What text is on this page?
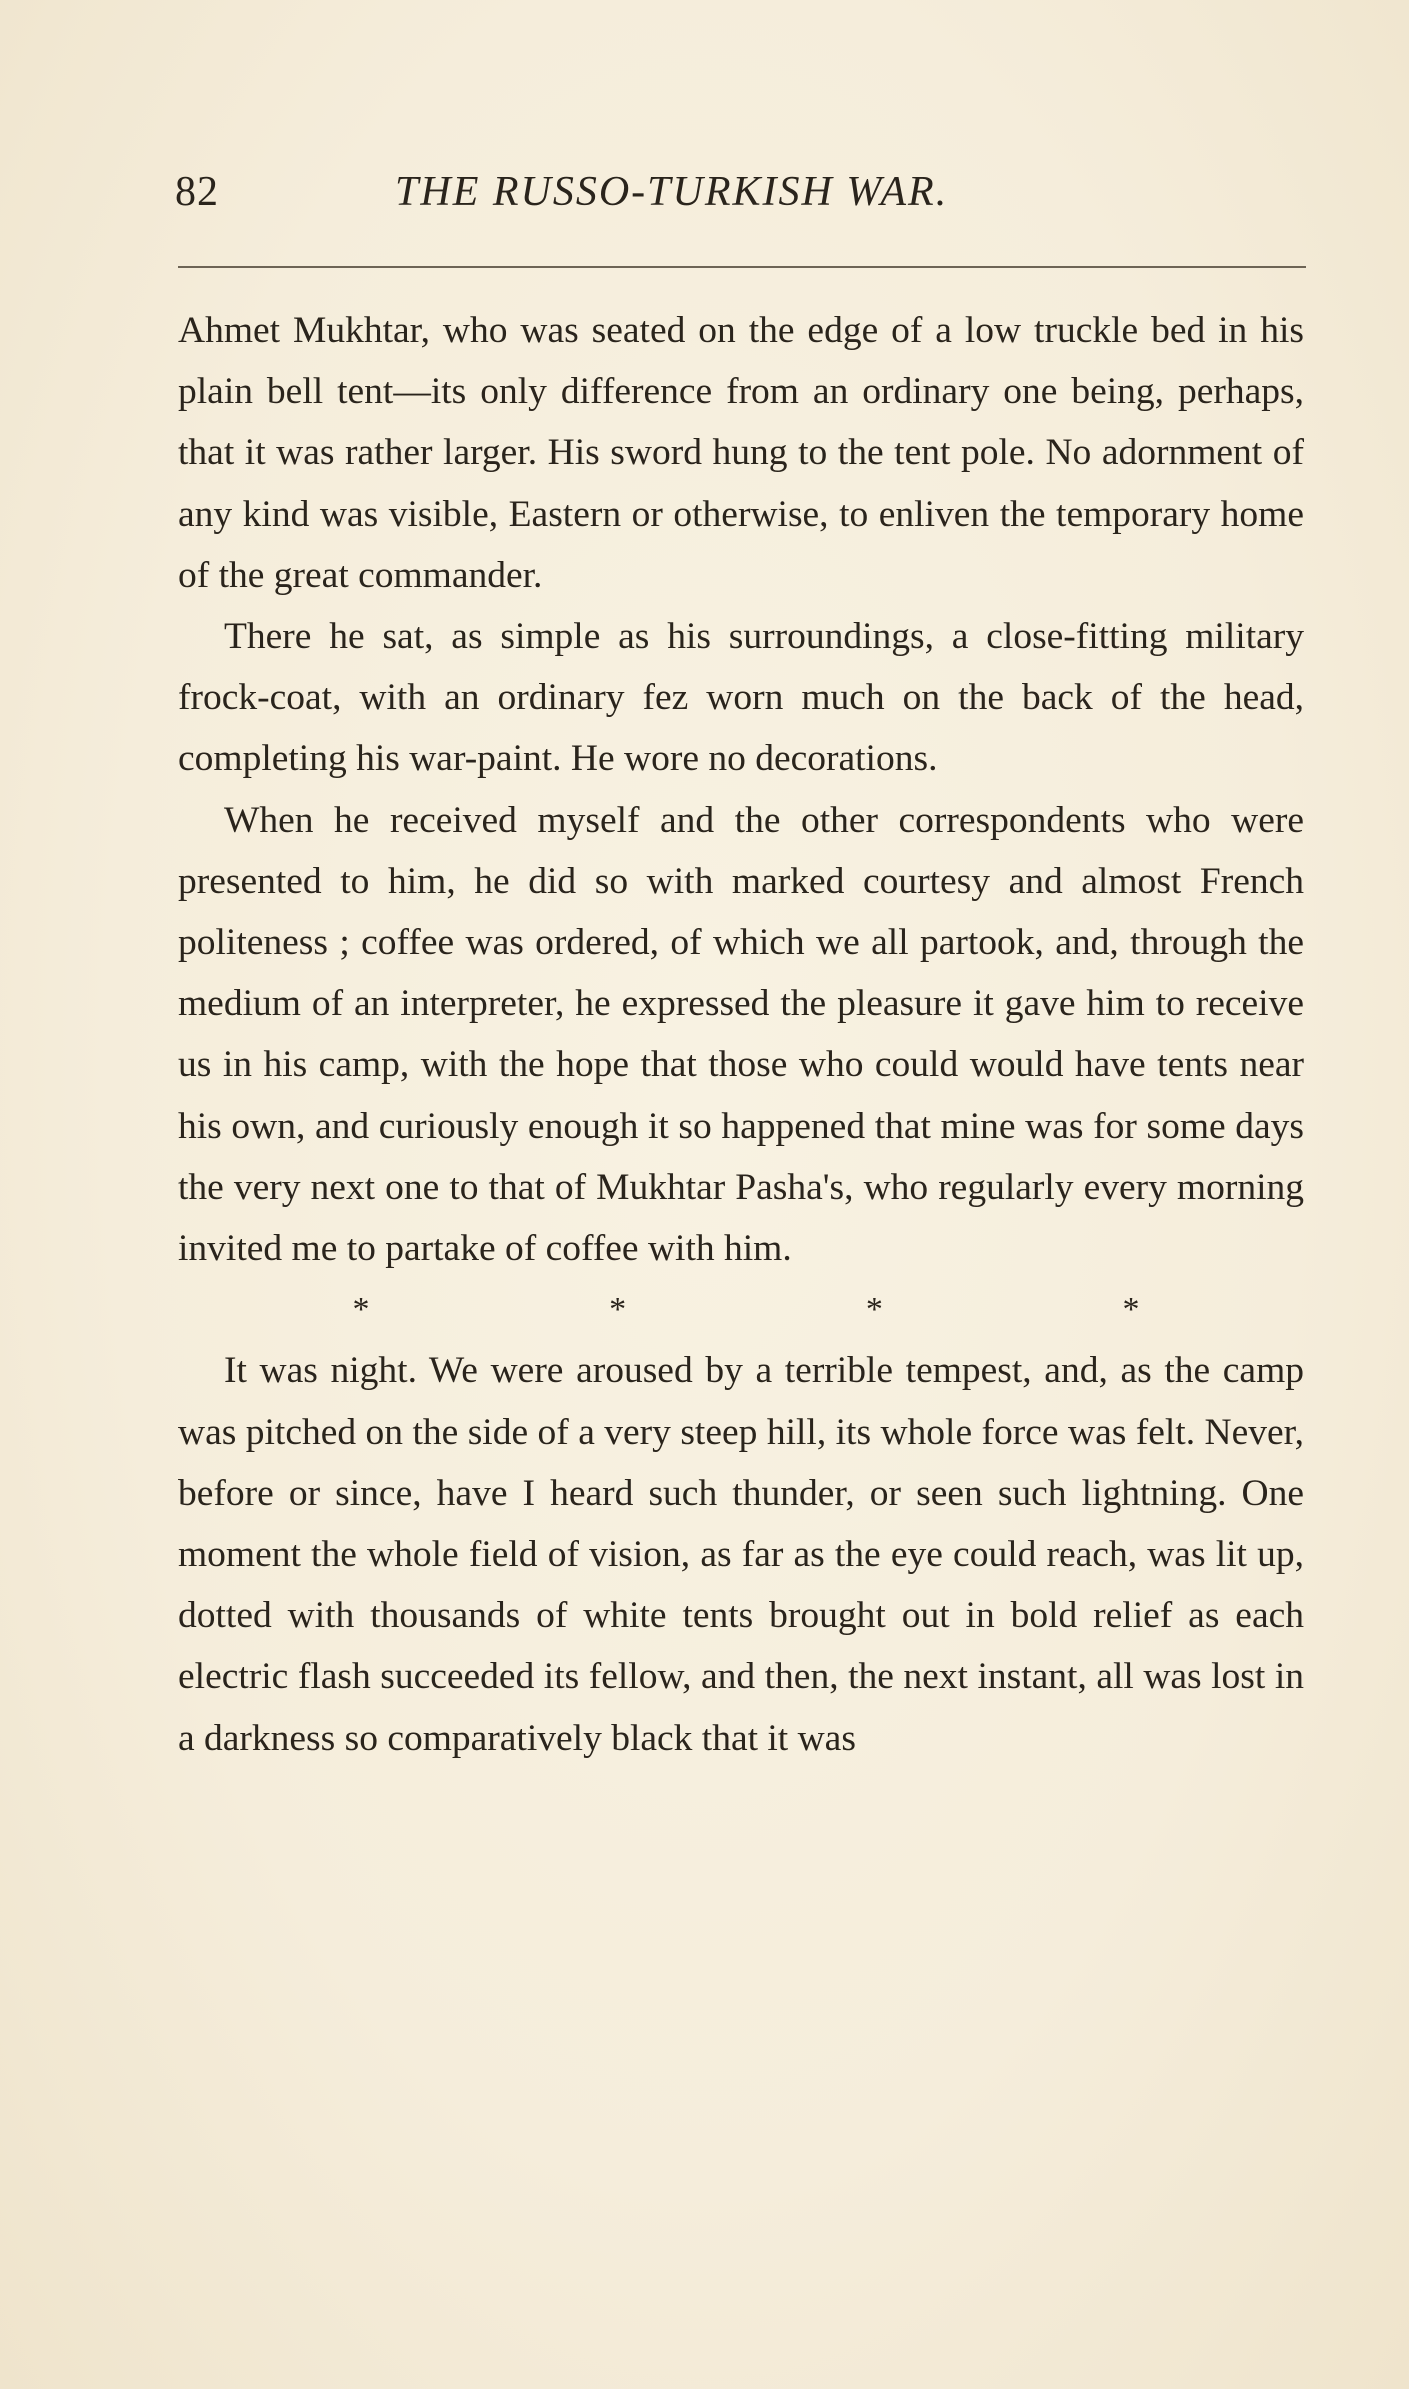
82	THE RUSSO-TURKISH WAR.

Ahmet Mukhtar, who was seated on the edge of a low truckle bed in his plain bell tent—its only difference from an ordinary one being, perhaps, that it was rather larger. His sword hung to the tent pole. No adornment of any kind was visible, Eastern or otherwise, to enliven the temporary home of the great commander.

There he sat, as simple as his surroundings, a close-fitting military frock-coat, with an ordinary fez worn much on the back of the head, completing his war-paint. He wore no decorations.

When he received myself and the other correspondents who were presented to him, he did so with marked courtesy and almost French politeness ; coffee was ordered, of which we all partook, and, through the medium of an interpreter, he expressed the pleasure it gave him to receive us in his camp, with the hope that those who could would have tents near his own, and curiously enough it so happened that mine was for some days the very next one to that of Mukhtar Pasha's, who regularly every morning invited me to partake of coffee with him.

*	*	*	*

It was night. We were aroused by a terrible tempest, and, as the camp was pitched on the side of a very steep hill, its whole force was felt. Never, before or since, have I heard such thunder, or seen such lightning. One moment the whole field of vision, as far as the eye could reach, was lit up, dotted with thousands of white tents brought out in bold relief as each electric flash succeeded its fellow, and then, the next instant, all was lost in a darkness so comparatively black that it was
